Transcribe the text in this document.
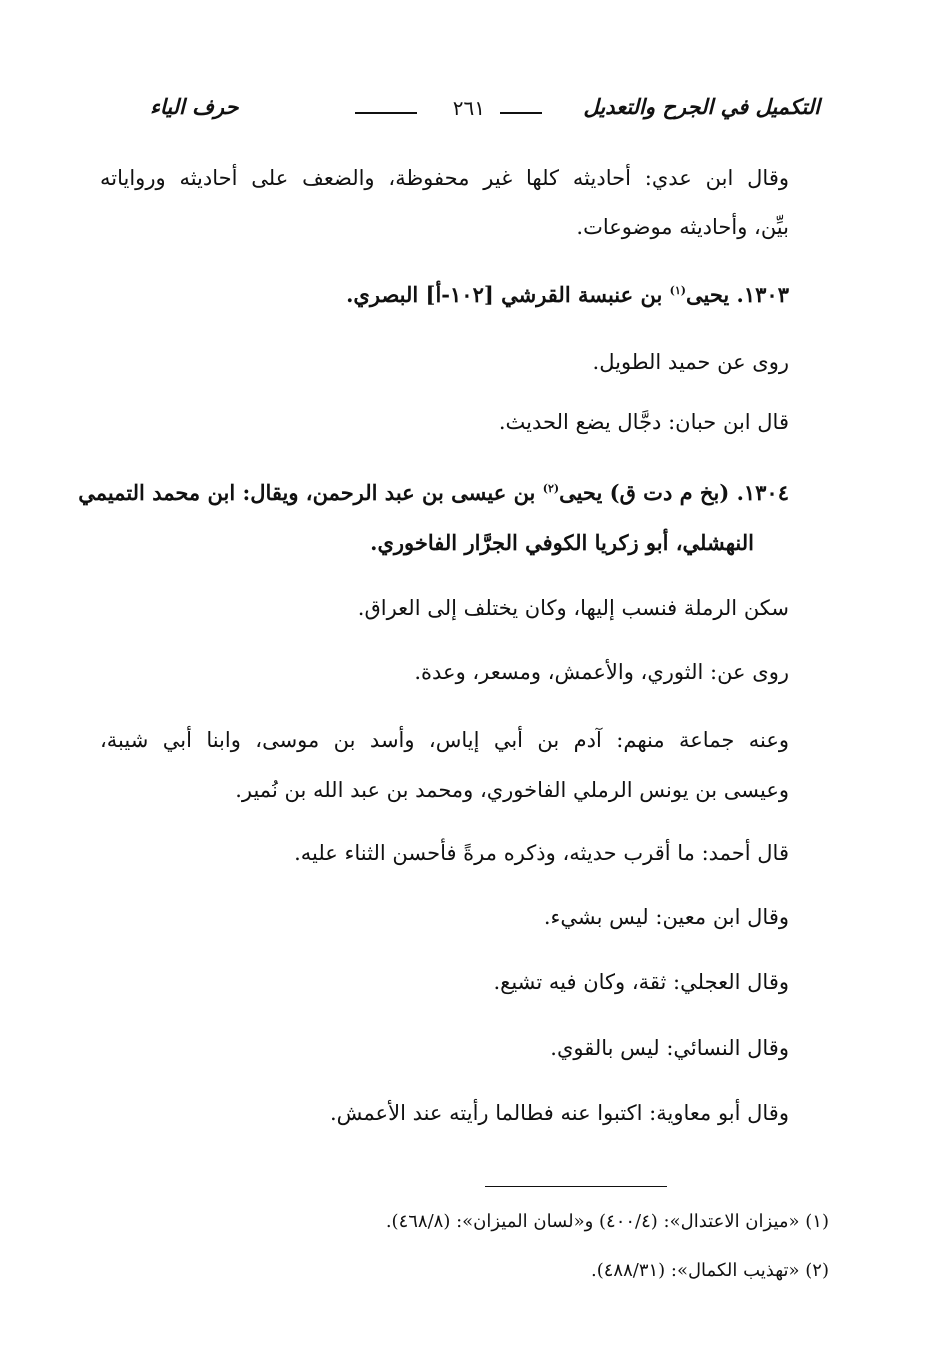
التكميل في الجرح والتعديل
٢٦١
حرف الياء
وقال ابن عدي: أحاديثه كلها غير محفوظة، والضعف على أحاديثه ورواياته
بيِّن، وأحاديثه موضوعات.
١٣٠٣. يحيى$^{(١)}$ بن عنبسة القرشي [١٠٢-أ] البصري.
روى عن حميد الطويل.
قال ابن حبان: دجَّال يضع الحديث.
١٣٠٤. (بخ م دت ق) يحيى$^{(٢)}$ بن عيسى بن عبد الرحمن، ويقال: ابن محمد التميمي
النهشلي، أبو زكريا الكوفي الجرَّار الفاخوري.
سكن الرملة فنسب إليها، وكان يختلف إلى العراق.
روى عن: الثوري، والأعمش، ومسعر، وعدة.
وعنه جماعة منهم: آدم بن أبي إياس، وأسد بن موسى، وابنا أبي شيبة،
وعيسى بن يونس الرملي الفاخوري، ومحمد بن عبد الله بن نُمير.
قال أحمد: ما أقرب حديثه، وذكره مرةً فأحسن الثناء عليه.
وقال ابن معين: ليس بشيء.
وقال العجلي: ثقة، وكان فيه تشيع.
وقال النسائي: ليس بالقوي.
وقال أبو معاوية: اكتبوا عنه فطالما رأيته عند الأعمش.
(١) «ميزان الاعتدال»: (٤٠٠/٤) و«لسان الميزان»: (٤٦٨/٨).
(٢) «تهذيب الكمال»: (٤٨٨/٣١).
